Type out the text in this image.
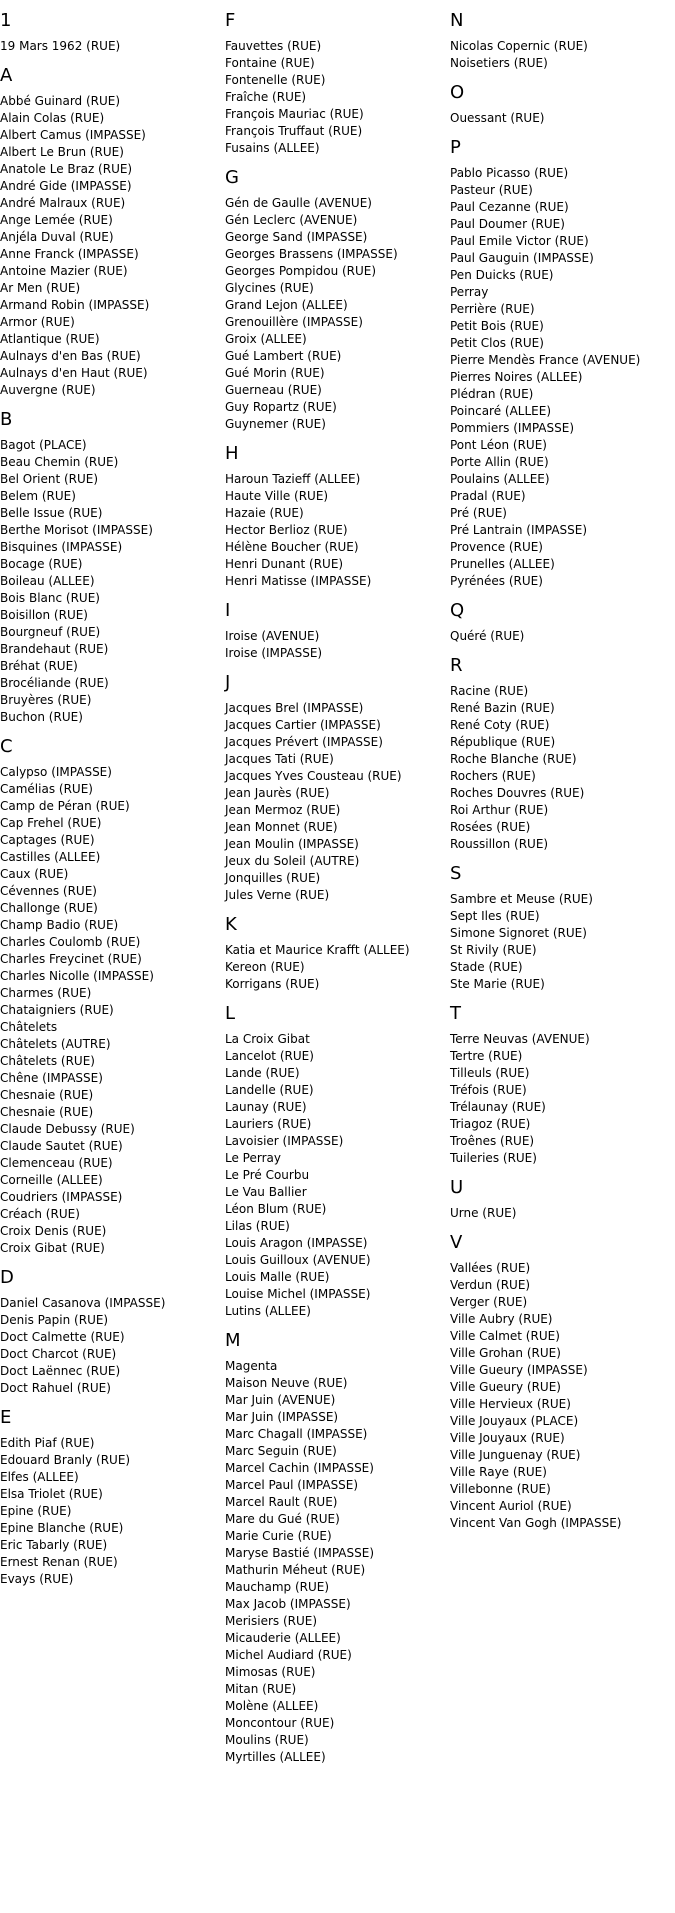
1
19 Mars 1962 (RUE)
A
Abbé Guinard (RUE)
Alain Colas (RUE)
Albert Camus (IMPASSE)
Albert Le Brun (RUE)
Anatole Le Braz (RUE)
André Gide (IMPASSE)
André Malraux (RUE)
Ange Lemée (RUE)
Anjéla Duval (RUE)
Anne Franck (IMPASSE)
Antoine Mazier (RUE)
Ar Men (RUE)
Armand Robin (IMPASSE)
Armor (RUE)
Atlantique (RUE)
Aulnays d'en Bas (RUE)
Aulnays d'en Haut (RUE)
Auvergne (RUE)
B
Bagot (PLACE)
Beau Chemin (RUE)
Bel Orient (RUE)
Belem (RUE)
Belle Issue (RUE)
Berthe Morisot (IMPASSE)
Bisquines (IMPASSE)
Bocage (RUE)
Boileau (ALLEE)
Bois Blanc (RUE)
Boisillon (RUE)
Bourgneuf (RUE)
Brandehaut (RUE)
Bréhat (RUE)
Brocéliande (RUE)
Bruyères (RUE)
Buchon (RUE)
C
Calypso (IMPASSE)
Camélias (RUE)
Camp de Péran (RUE)
Cap Frehel (RUE)
Captages (RUE)
Castilles (ALLEE)
Caux (RUE)
Cévennes (RUE)
Challonge (RUE)
Champ Badio (RUE)
Charles Coulomb (RUE)
Charles Freycinet (RUE)
Charles Nicolle (IMPASSE)
Charmes (RUE)
Chataigniers (RUE)
Châtelets
Châtelets (AUTRE)
Châtelets (RUE)
Chêne (IMPASSE)
Chesnaie (RUE)
Chesnaie (RUE)
Claude Debussy (RUE)
Claude Sautet (RUE)
Clemenceau (RUE)
Corneille (ALLEE)
Coudriers (IMPASSE)
Créach (RUE)
Croix Denis (RUE)
Croix Gibat (RUE)
D
Daniel Casanova (IMPASSE)
Denis Papin (RUE)
Doct Calmette (RUE)
Doct Charcot (RUE)
Doct Laënnec (RUE)
Doct Rahuel (RUE)
E
Edith Piaf (RUE)
Edouard Branly (RUE)
Elfes (ALLEE)
Elsa Triolet (RUE)
Epine (RUE)
Epine Blanche (RUE)
Eric Tabarly (RUE)
Ernest Renan (RUE)
Evays (RUE)
F
Fauvettes (RUE)
Fontaine (RUE)
Fontenelle (RUE)
Fraîche (RUE)
François Mauriac (RUE)
François Truffaut (RUE)
Fusains (ALLEE)
G
Gén de Gaulle (AVENUE)
Gén Leclerc (AVENUE)
George Sand (IMPASSE)
Georges Brassens (IMPASSE)
Georges Pompidou (RUE)
Glycines (RUE)
Grand Lejon (ALLEE)
Grenouillère (IMPASSE)
Groix (ALLEE)
Gué Lambert (RUE)
Gué Morin (RUE)
Guerneau (RUE)
Guy Ropartz (RUE)
Guynemer (RUE)
H
Haroun Tazieff (ALLEE)
Haute Ville (RUE)
Hazaie (RUE)
Hector Berlioz (RUE)
Hélène Boucher (RUE)
Henri Dunant (RUE)
Henri Matisse (IMPASSE)
I
Iroise (AVENUE)
Iroise (IMPASSE)
J
Jacques Brel (IMPASSE)
Jacques Cartier (IMPASSE)
Jacques Prévert (IMPASSE)
Jacques Tati (RUE)
Jacques Yves Cousteau (RUE)
Jean Jaurès (RUE)
Jean Mermoz (RUE)
Jean Monnet (RUE)
Jean Moulin (IMPASSE)
Jeux du Soleil (AUTRE)
Jonquilles (RUE)
Jules Verne (RUE)
K
Katia et Maurice Krafft (ALLEE)
Kereon (RUE)
Korrigans (RUE)
L
La Croix Gibat
Lancelot (RUE)
Lande (RUE)
Landelle (RUE)
Launay (RUE)
Lauriers (RUE)
Lavoisier (IMPASSE)
Le Perray
Le Pré Courbu
Le Vau Ballier
Léon Blum (RUE)
Lilas (RUE)
Louis Aragon (IMPASSE)
Louis Guilloux (AVENUE)
Louis Malle (RUE)
Louise Michel (IMPASSE)
Lutins (ALLEE)
M
Magenta
Maison Neuve (RUE)
Mar Juin (AVENUE)
Mar Juin (IMPASSE)
Marc Chagall (IMPASSE)
Marc Seguin (RUE)
Marcel Cachin (IMPASSE)
Marcel Paul (IMPASSE)
Marcel Rault (RUE)
Mare du Gué (RUE)
Marie Curie (RUE)
Maryse Bastié (IMPASSE)
Mathurin Méheut (RUE)
Mauchamp (RUE)
Max Jacob (IMPASSE)
Merisiers (RUE)
Micauderie (ALLEE)
Michel Audiard (RUE)
Mimosas (RUE)
Mitan (RUE)
Molène (ALLEE)
Moncontour (RUE)
Moulins (RUE)
Myrtilles (ALLEE)
N
Nicolas Copernic (RUE)
Noisetiers (RUE)
O
Ouessant (RUE)
P
Pablo Picasso (RUE)
Pasteur (RUE)
Paul Cezanne (RUE)
Paul Doumer (RUE)
Paul Emile Victor (RUE)
Paul Gauguin (IMPASSE)
Pen Duicks (RUE)
Perray
Perrière (RUE)
Petit Bois (RUE)
Petit Clos (RUE)
Pierre Mendès France (AVENUE)
Pierres Noires (ALLEE)
Plédran (RUE)
Poincaré (ALLEE)
Pommiers (IMPASSE)
Pont Léon (RUE)
Porte Allin (RUE)
Poulains (ALLEE)
Pradal (RUE)
Pré (RUE)
Pré Lantrain (IMPASSE)
Provence (RUE)
Prunelles (ALLEE)
Pyrénées (RUE)
Q
Quéré (RUE)
R
Racine (RUE)
René Bazin (RUE)
René Coty (RUE)
République (RUE)
Roche Blanche (RUE)
Rochers (RUE)
Roches Douvres (RUE)
Roi Arthur (RUE)
Rosées (RUE)
Roussillon (RUE)
S
Sambre et Meuse (RUE)
Sept Iles (RUE)
Simone Signoret (RUE)
St Rivily (RUE)
Stade (RUE)
Ste Marie (RUE)
T
Terre Neuvas (AVENUE)
Tertre (RUE)
Tilleuls (RUE)
Tréfois (RUE)
Trélaunay (RUE)
Triagoz (RUE)
Troênes (RUE)
Tuileries (RUE)
U
Urne (RUE)
V
Vallées (RUE)
Verdun (RUE)
Verger (RUE)
Ville Aubry (RUE)
Ville Calmet (RUE)
Ville Grohan (RUE)
Ville Gueury (IMPASSE)
Ville Gueury (RUE)
Ville Hervieux (RUE)
Ville Jouyaux (PLACE)
Ville Jouyaux (RUE)
Ville Junguenay (RUE)
Ville Raye (RUE)
Villebonne (RUE)
Vincent Auriol (RUE)
Vincent Van Gogh (IMPASSE)
